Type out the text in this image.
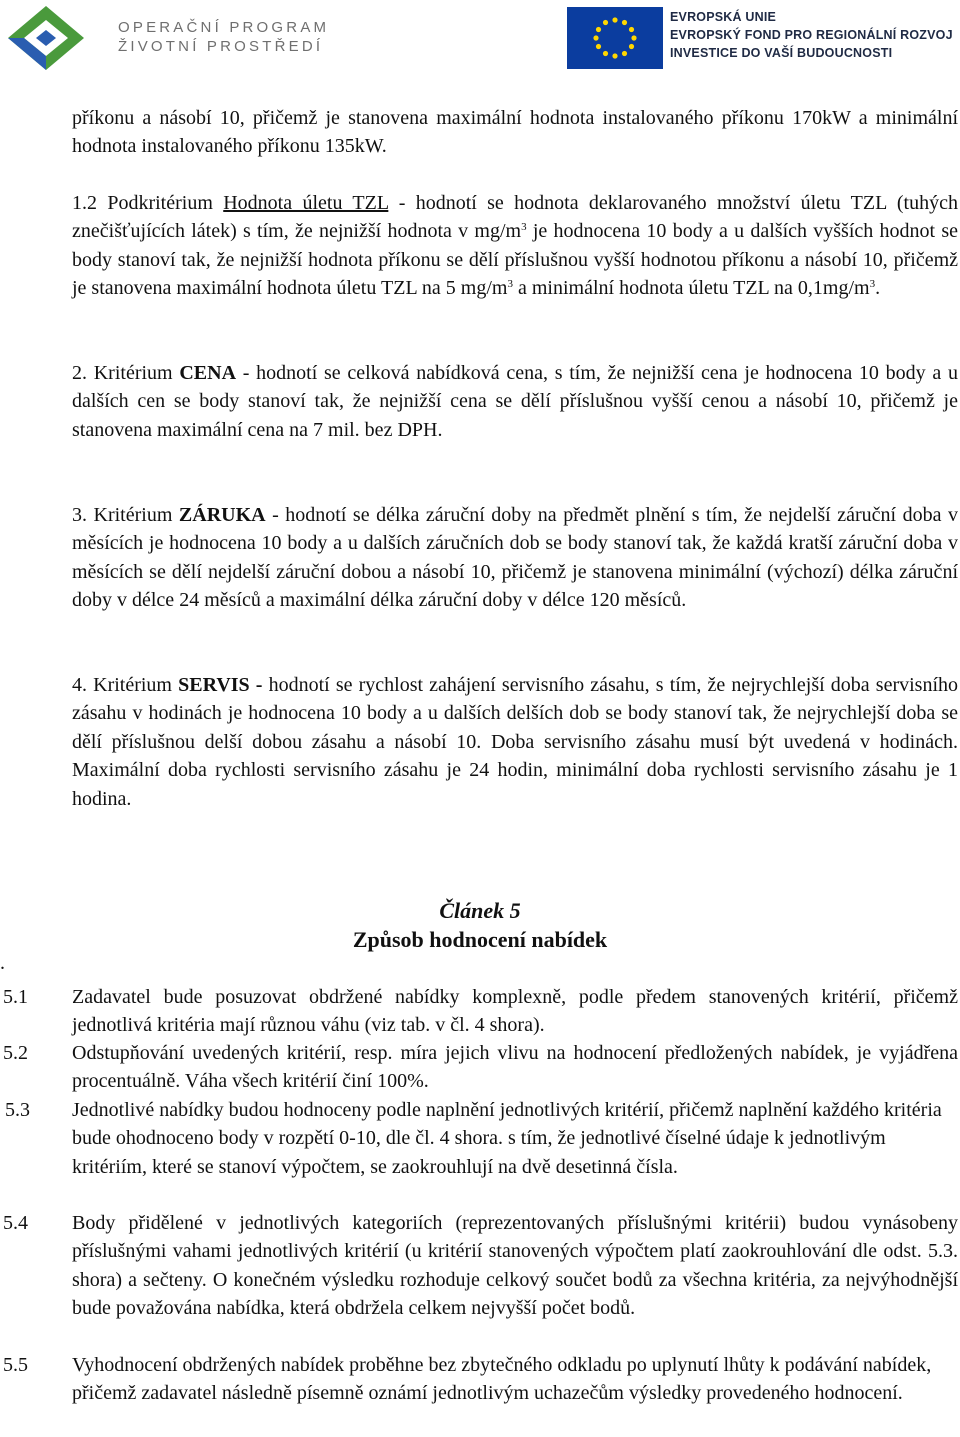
OPERAČNÍ PROGRAM
ŽIVOTNÍ PROSTŘEDÍ
EVROPSKÁ UNIE
EVROPSKÝ FOND PRO REGIONÁLNÍ ROZVOJ
INVESTICE DO VAŠÍ BUDOUCNOSTI

příkonu a násobí 10, přičemž je stanovena maximální hodnota instalovaného příkonu 170kW a minimální hodnota instalovaného příkonu 135kW.

1.2 Podkritérium Hodnota úletu TZL - hodnotí se hodnota deklarovaného množství úletu TZL (tuhých znečišťujících látek) s tím, že nejnižší hodnota v $mg/m^3$ je hodnocena 10 body a u dalších vyšších hodnot se body stanoví tak, že nejnižší hodnota příkonu se dělí příslušnou vyšší hodnotou příkonu a násobí 10, přičemž je stanovena maximální hodnota úletu TZL na 5 $mg/m^3$ a minimální hodnota úletu TZL na $0,1mg/m^3$.

2. Kritérium CENA - hodnotí se celková nabídková cena, s tím, že nejnižší cena je hodnocena 10 body a u dalších cen se body stanoví tak, že nejnižší cena se dělí příslušnou vyšší cenou a násobí 10, přičemž je stanovena maximální cena na 7 mil. bez DPH.

3. Kritérium ZÁRUKA - hodnotí se délka záruční doby na předmět plnění s tím, že nejdelší záruční doba v měsících je hodnocena 10 body a u dalších záručních dob se body stanoví tak, že každá kratší záruční doba v měsících se dělí nejdelší záruční dobou a násobí 10, přičemž je stanovena minimální (výchozí) délka záruční doby v délce 24 měsíců a maximální délka záruční doby v délce 120 měsíců.

4. Kritérium SERVIS - hodnotí se rychlost zahájení servisního zásahu, s tím, že nejrychlejší doba servisního zásahu v hodinách je hodnocena 10 body a u dalších delších dob se body stanoví tak, že nejrychlejší doba se dělí příslušnou delší dobou zásahu a násobí 10. Doba servisního zásahu musí být uvedená v hodinách. Maximální doba rychlosti servisního zásahu je 24 hodin, minimální doba rychlosti servisního zásahu je 1 hodina.

Článek 5
Způsob hodnocení nabídek
.
5.1 Zadavatel bude posuzovat obdržené nabídky komplexně, podle předem stanovených kritérií, přičemž jednotlivá kritéria mají různou váhu (viz tab. v čl. 4 shora).

5.2 Odstupňování uvedených kritérií, resp. míra jejich vlivu na hodnocení předložených nabídek, je vyjádřena procentuálně. Váha všech kritérií činí 100%.

5.3 Jednotlivé nabídky budou hodnoceny podle naplnění jednotlivých kritérií, přičemž naplnění každého kritéria bude ohodnoceno body v rozpětí 0-10, dle čl. 4 shora. s tím, že jednotlivé číselné údaje k jednotlivým kritériím, které se stanoví výpočtem, se zaokrouhlují na dvě desetinná čísla.

5.4 Body přidělené v jednotlivých kategoriích (reprezentovaných příslušnými kritérii) budou vynásobeny příslušnými vahami jednotlivých kritérií (u kritérií stanovených výpočtem platí zaokrouhlování dle odst. 5.3. shora) a sečteny. O konečném výsledku rozhoduje celkový součet bodů za všechna kritéria, za nejvýhodnější bude považována nabídka, která obdržela celkem nejvyšší počet bodů.

5.5 Vyhodnocení obdržených nabídek proběhne bez zbytečného odkladu po uplynutí lhůty k podávání nabídek, přičemž zadavatel následně písemně oznámí jednotlivým uchazečům výsledky provedeného hodnocení.
